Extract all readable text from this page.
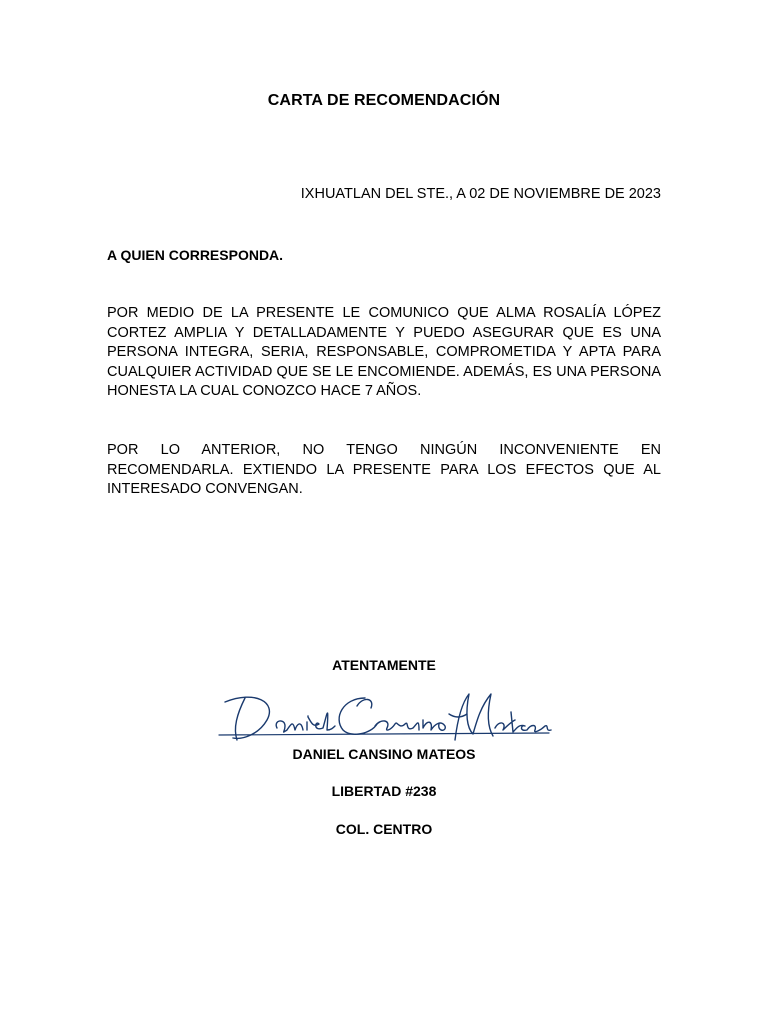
CARTA DE RECOMENDACIÓN
IXHUATLAN DEL STE., A 02 DE NOVIEMBRE DE 2023
A QUIEN CORRESPONDA.

POR MEDIO DE LA PRESENTE LE COMUNICO QUE ALMA ROSALÍA LÓPEZ CORTEZ AMPLIA Y DETALLADAMENTE Y PUEDO ASEGURAR QUE ES UNA PERSONA INTEGRA, SERIA, RESPONSABLE, COMPROMETIDA Y APTA PARA CUALQUIER ACTIVIDAD QUE SE LE ENCOMIENDE. ADEMÁS, ES UNA PERSONA HONESTA LA CUAL CONOZCO HACE 7 AÑOS.

POR LO ANTERIOR, NO TENGO NINGÚN INCONVENIENTE EN RECOMENDARLA. EXTIENDO LA PRESENTE PARA LOS EFECTOS QUE AL INTERESADO CONVENGAN.

ATENTAMENTE
DANIEL CANSINO MATEOS
LIBERTAD #238
COL. CENTRO
